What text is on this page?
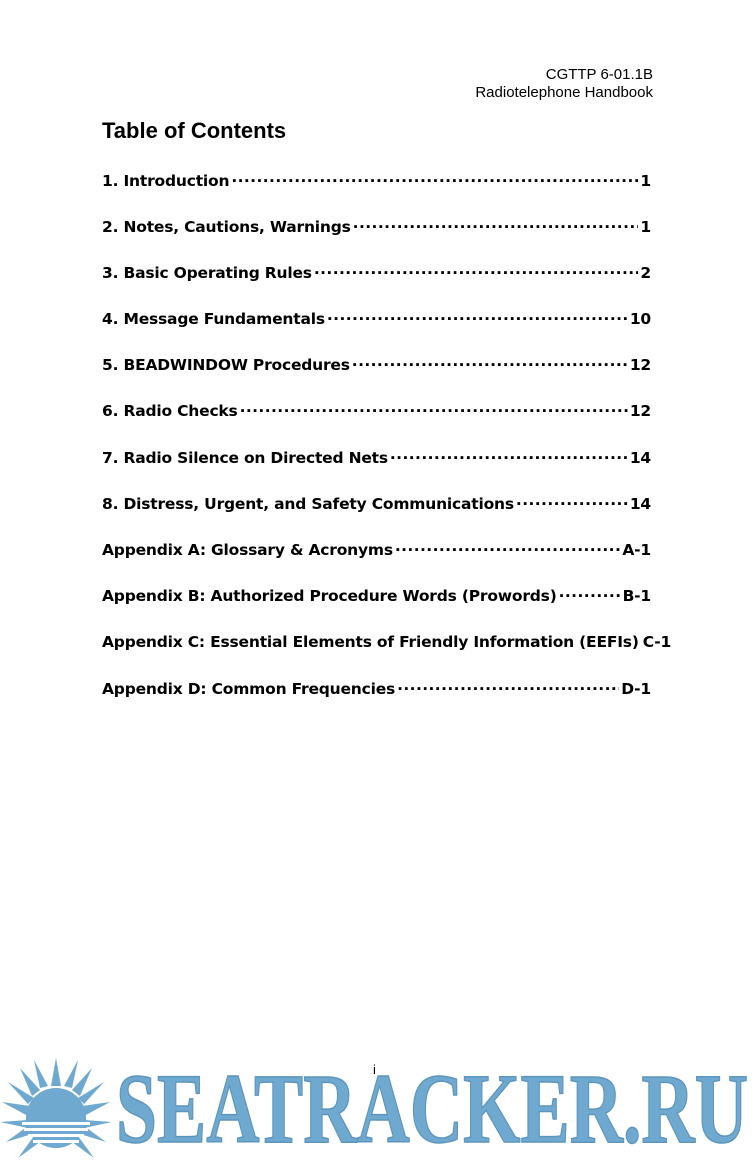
CGTTP 6-01.1B
Radiotelephone Handbook
Table of Contents
1. Introduction .....	1
2. Notes, Cautions, Warnings .....	1
3. Basic Operating Rules .....	2
4. Message Fundamentals .....	10
5. BEADWINDOW Procedures .....	12
6. Radio Checks .....	12
7. Radio Silence on Directed Nets .....	14
8. Distress, Urgent, and Safety Communications .....	14
Appendix A: Glossary & Acronyms .....	A-1
Appendix B: Authorized Procedure Words (Prowords) .....	B-1
Appendix C: Essential Elements of Friendly Information (EEFIs) C-1
Appendix D: Common Frequencies .....	D-1
i
SEATRACKER.RU
